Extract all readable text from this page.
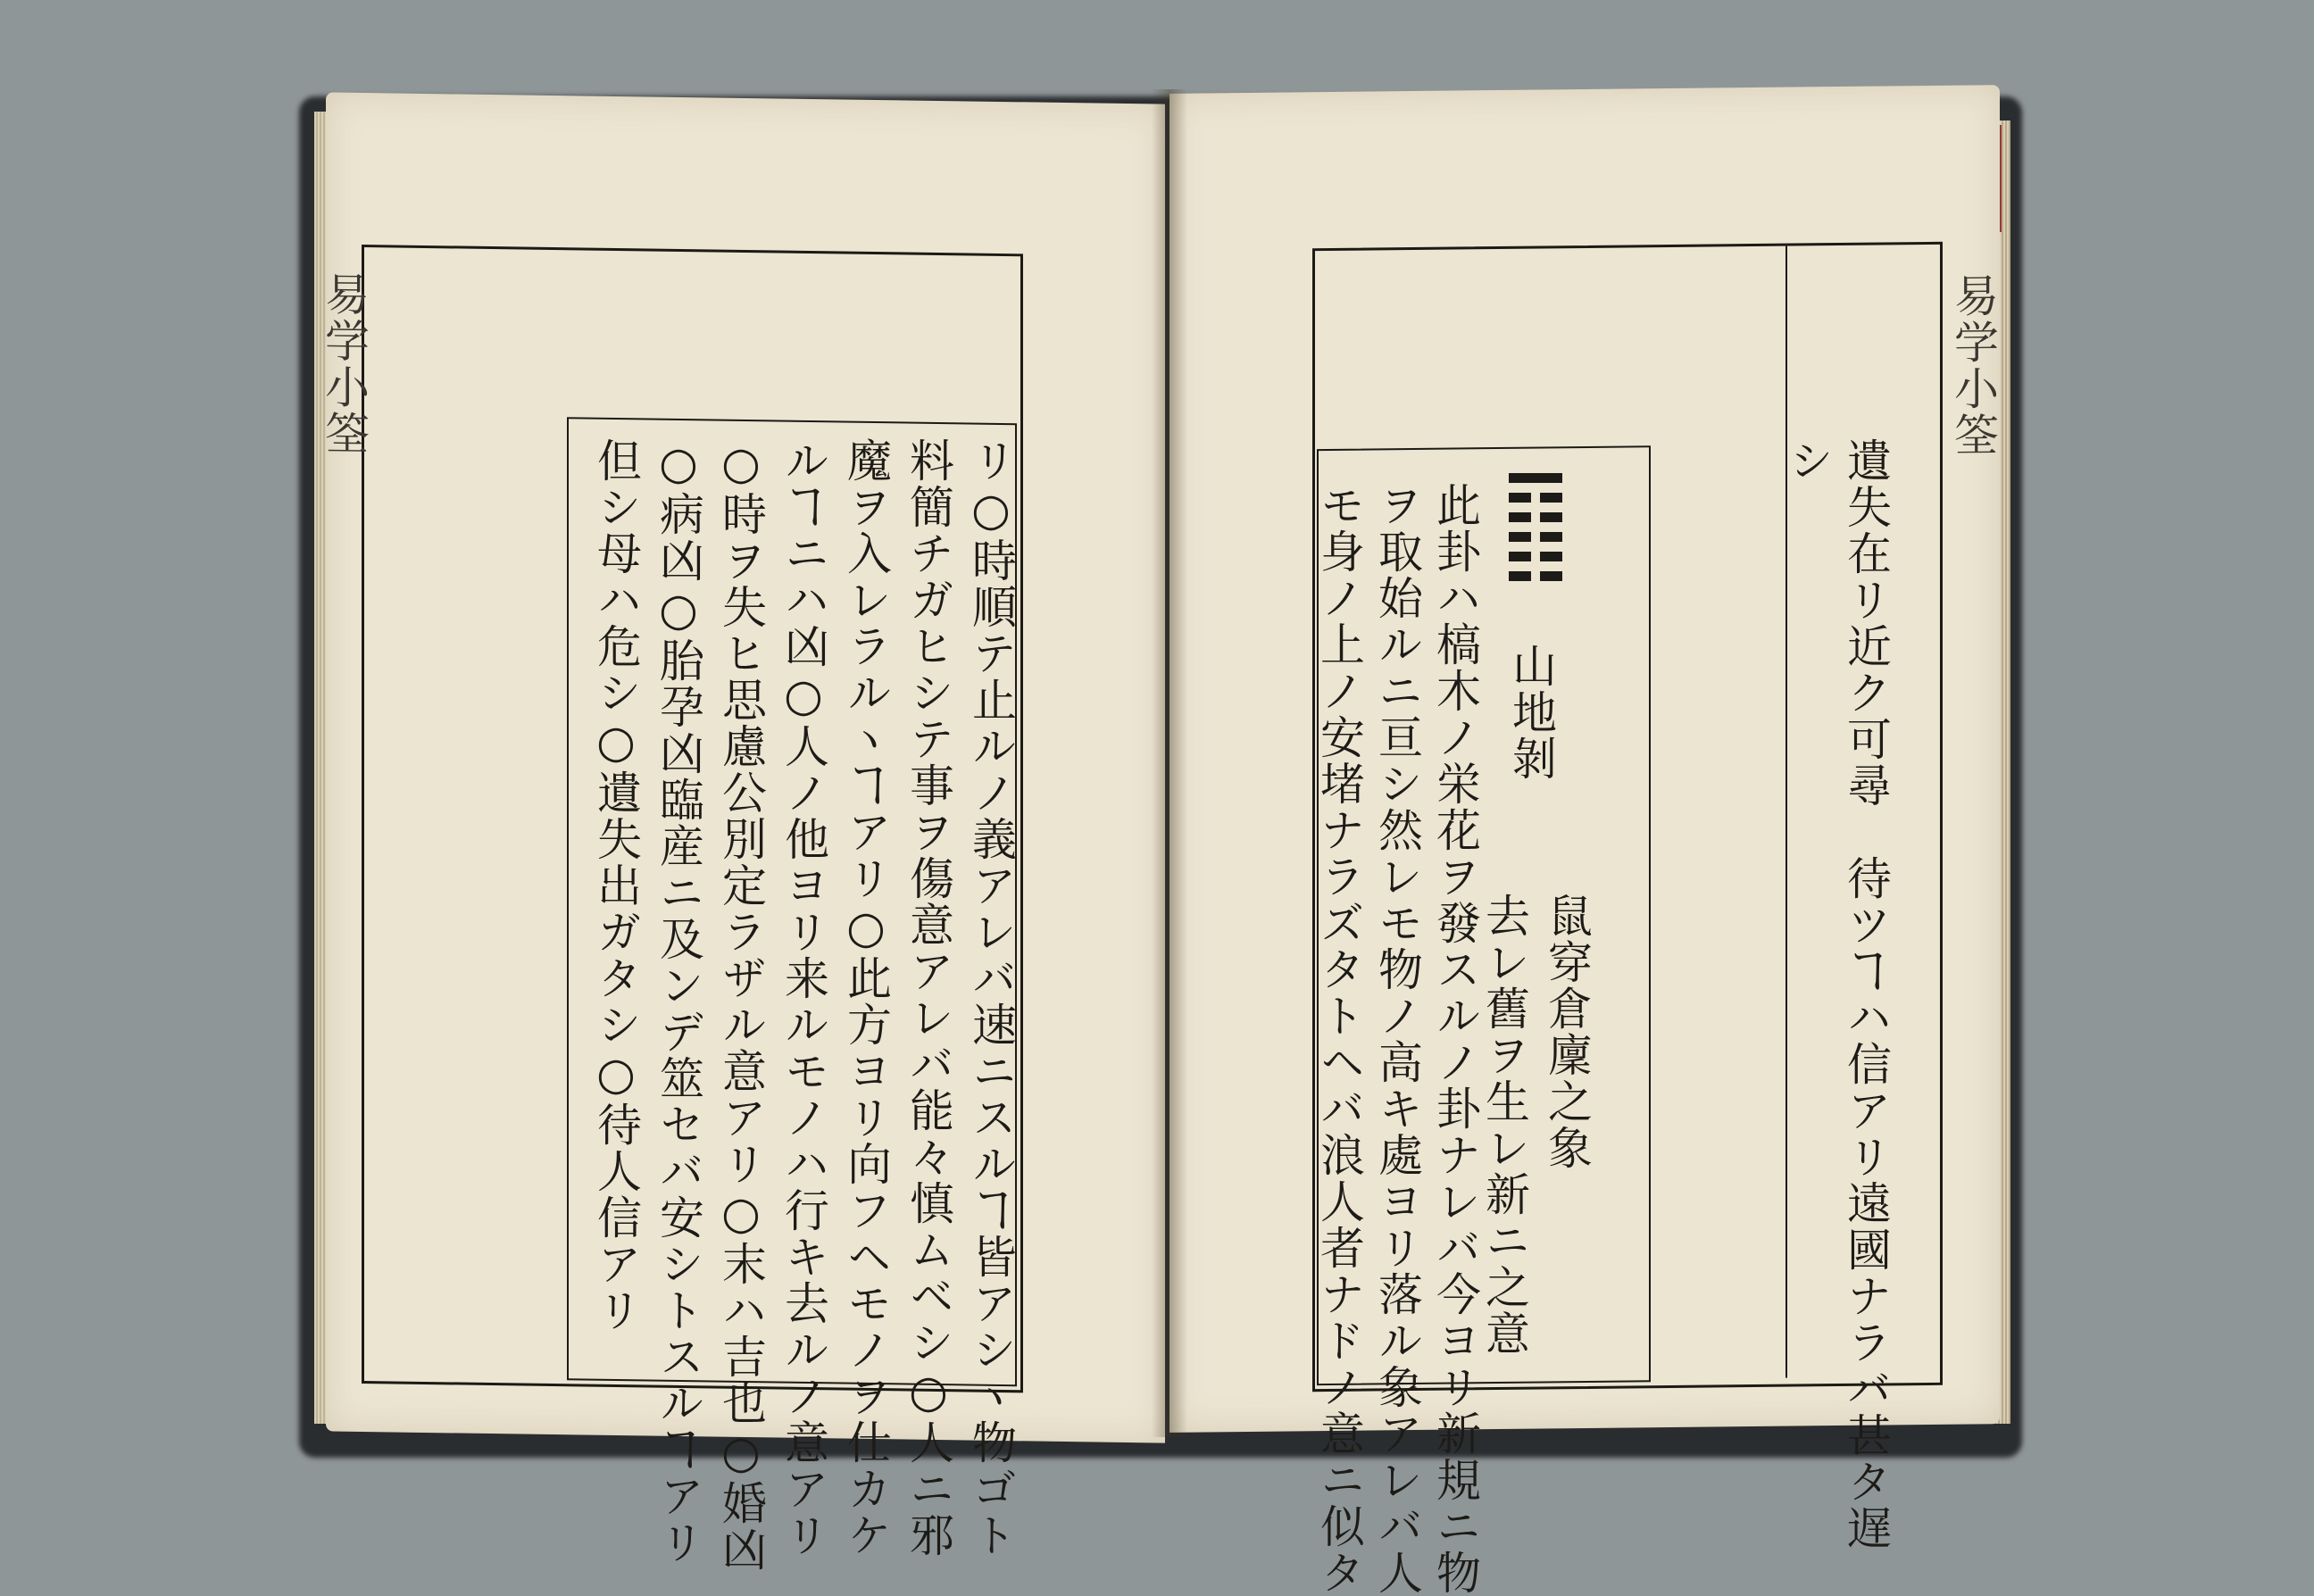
易学小筌	易学小筌
リ○時順テ止ルノ義アレバ速ニスルヿ皆アシヽ物ゴト
料簡チガヒシテ事ヲ傷意アレバ能々慎ムベシ○人ニ邪
魔ヲ入レラルヽヿアリ○此方ヨリ向フヘモノヲ仕カケ
ルヿニハ凶○人ノ他ヨリ来ルモノハ行キ去ルノ意アリ
○時ヲ失ヒ思慮公別定ラザル意アリ○末ハ吉也○婚凶
○病凶○胎孕凶臨産ニ及ンデ筮セバ安シトスルヿアリ
但シ母ハ危シ○遺失出ガタシ○待人信アリ	遺失在リ近ク可尋　待ツヿハ信アリ遠國ナラバ甚タ遅
シ
山地剝
此卦ハ槁木ノ栄花ヲ發スルノ卦ナレバ今ヨリ新規ニ物
ヲ取始ルニ亘シ然レモ物ノ高キ處ヨリ落ル象アレバ人
モ身ノ上ノ安堵ナラズタトヘバ浪人者ナドノ意ニ似タ	鼠穿倉廩之象
去レ舊ヲ生レ新ニ之意
